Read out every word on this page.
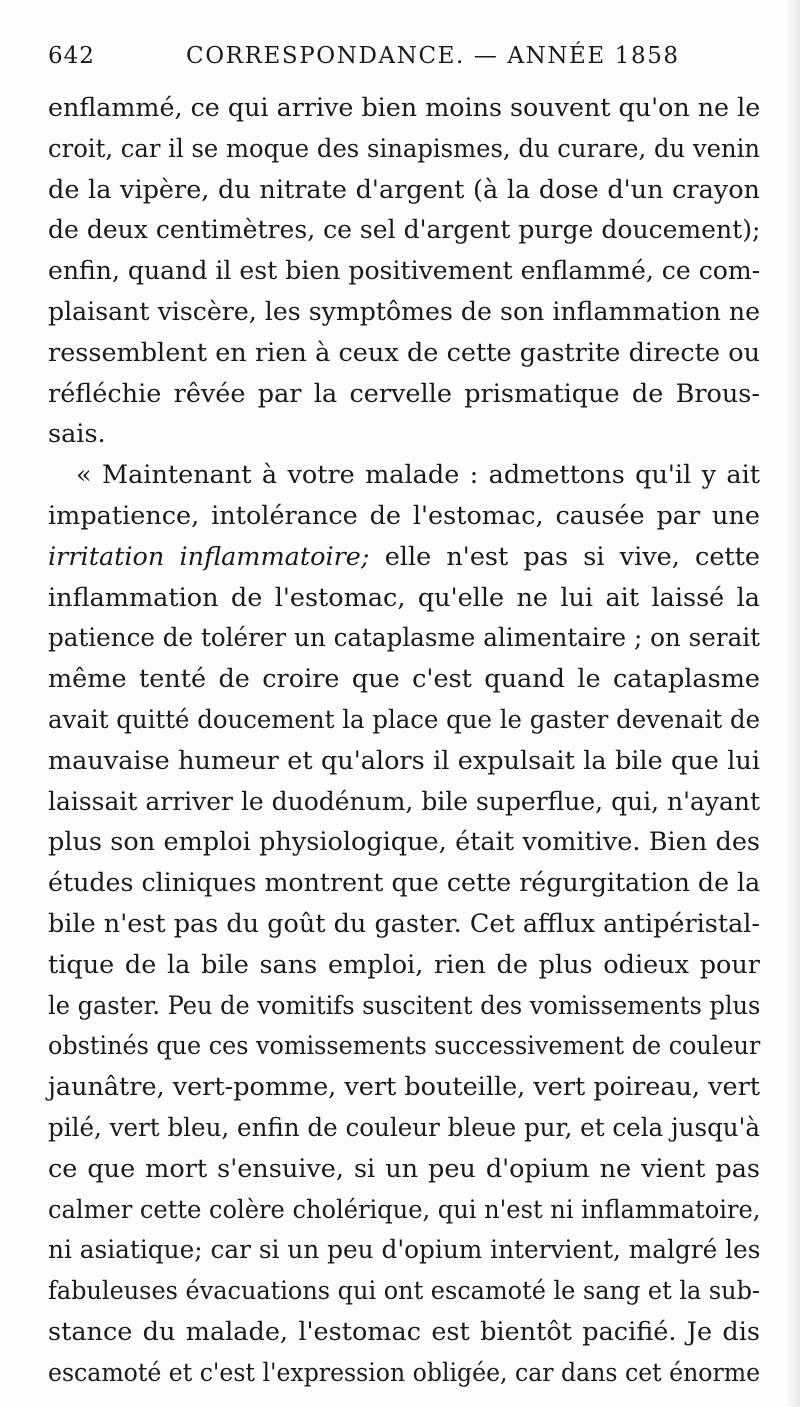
642	CORRESPONDANCE. — ANNÉE 1858
enflammé, ce qui arrive bien moins souvent qu'on ne le
croit, car il se moque des sinapismes, du curare, du venin
de la vipère, du nitrate d'argent (à la dose d'un crayon
de deux centimètres, ce sel d'argent purge doucement);
enfin, quand il est bien positivement enflammé, ce com-
plaisant viscère, les symptômes de son inflammation ne
ressemblent en rien à ceux de cette gastrite directe ou
réfléchie rêvée par la cervelle prismatique de Brous-
sais.
« Maintenant à votre malade : admettons qu'il y ait
impatience, intolérance de l'estomac, causée par une
irritation inflammatoire; elle n'est pas si vive, cette
inflammation de l'estomac, qu'elle ne lui ait laissé la
patience de tolérer un cataplasme alimentaire ; on serait
même tenté de croire que c'est quand le cataplasme
avait quitté doucement la place que le gaster devenait de
mauvaise humeur et qu'alors il expulsait la bile que lui
laissait arriver le duodénum, bile superflue, qui, n'ayant
plus son emploi physiologique, était vomitive. Bien des
études cliniques montrent que cette régurgitation de la
bile n'est pas du goût du gaster. Cet afflux antipéristal-
tique de la bile sans emploi, rien de plus odieux pour
le gaster. Peu de vomitifs suscitent des vomissements plus
obstinés que ces vomissements successivement de couleur
jaunâtre, vert-pomme, vert bouteille, vert poireau, vert
pilé, vert bleu, enfin de couleur bleue pur, et cela jusqu'à
ce que mort s'ensuive, si un peu d'opium ne vient pas
calmer cette colère cholérique, qui n'est ni inflammatoire,
ni asiatique; car si un peu d'opium intervient, malgré les
fabuleuses évacuations qui ont escamoté le sang et la sub-
stance du malade, l'estomac est bientôt pacifié. Je dis
escamoté et c'est l'expression obligée, car dans cet énorme
